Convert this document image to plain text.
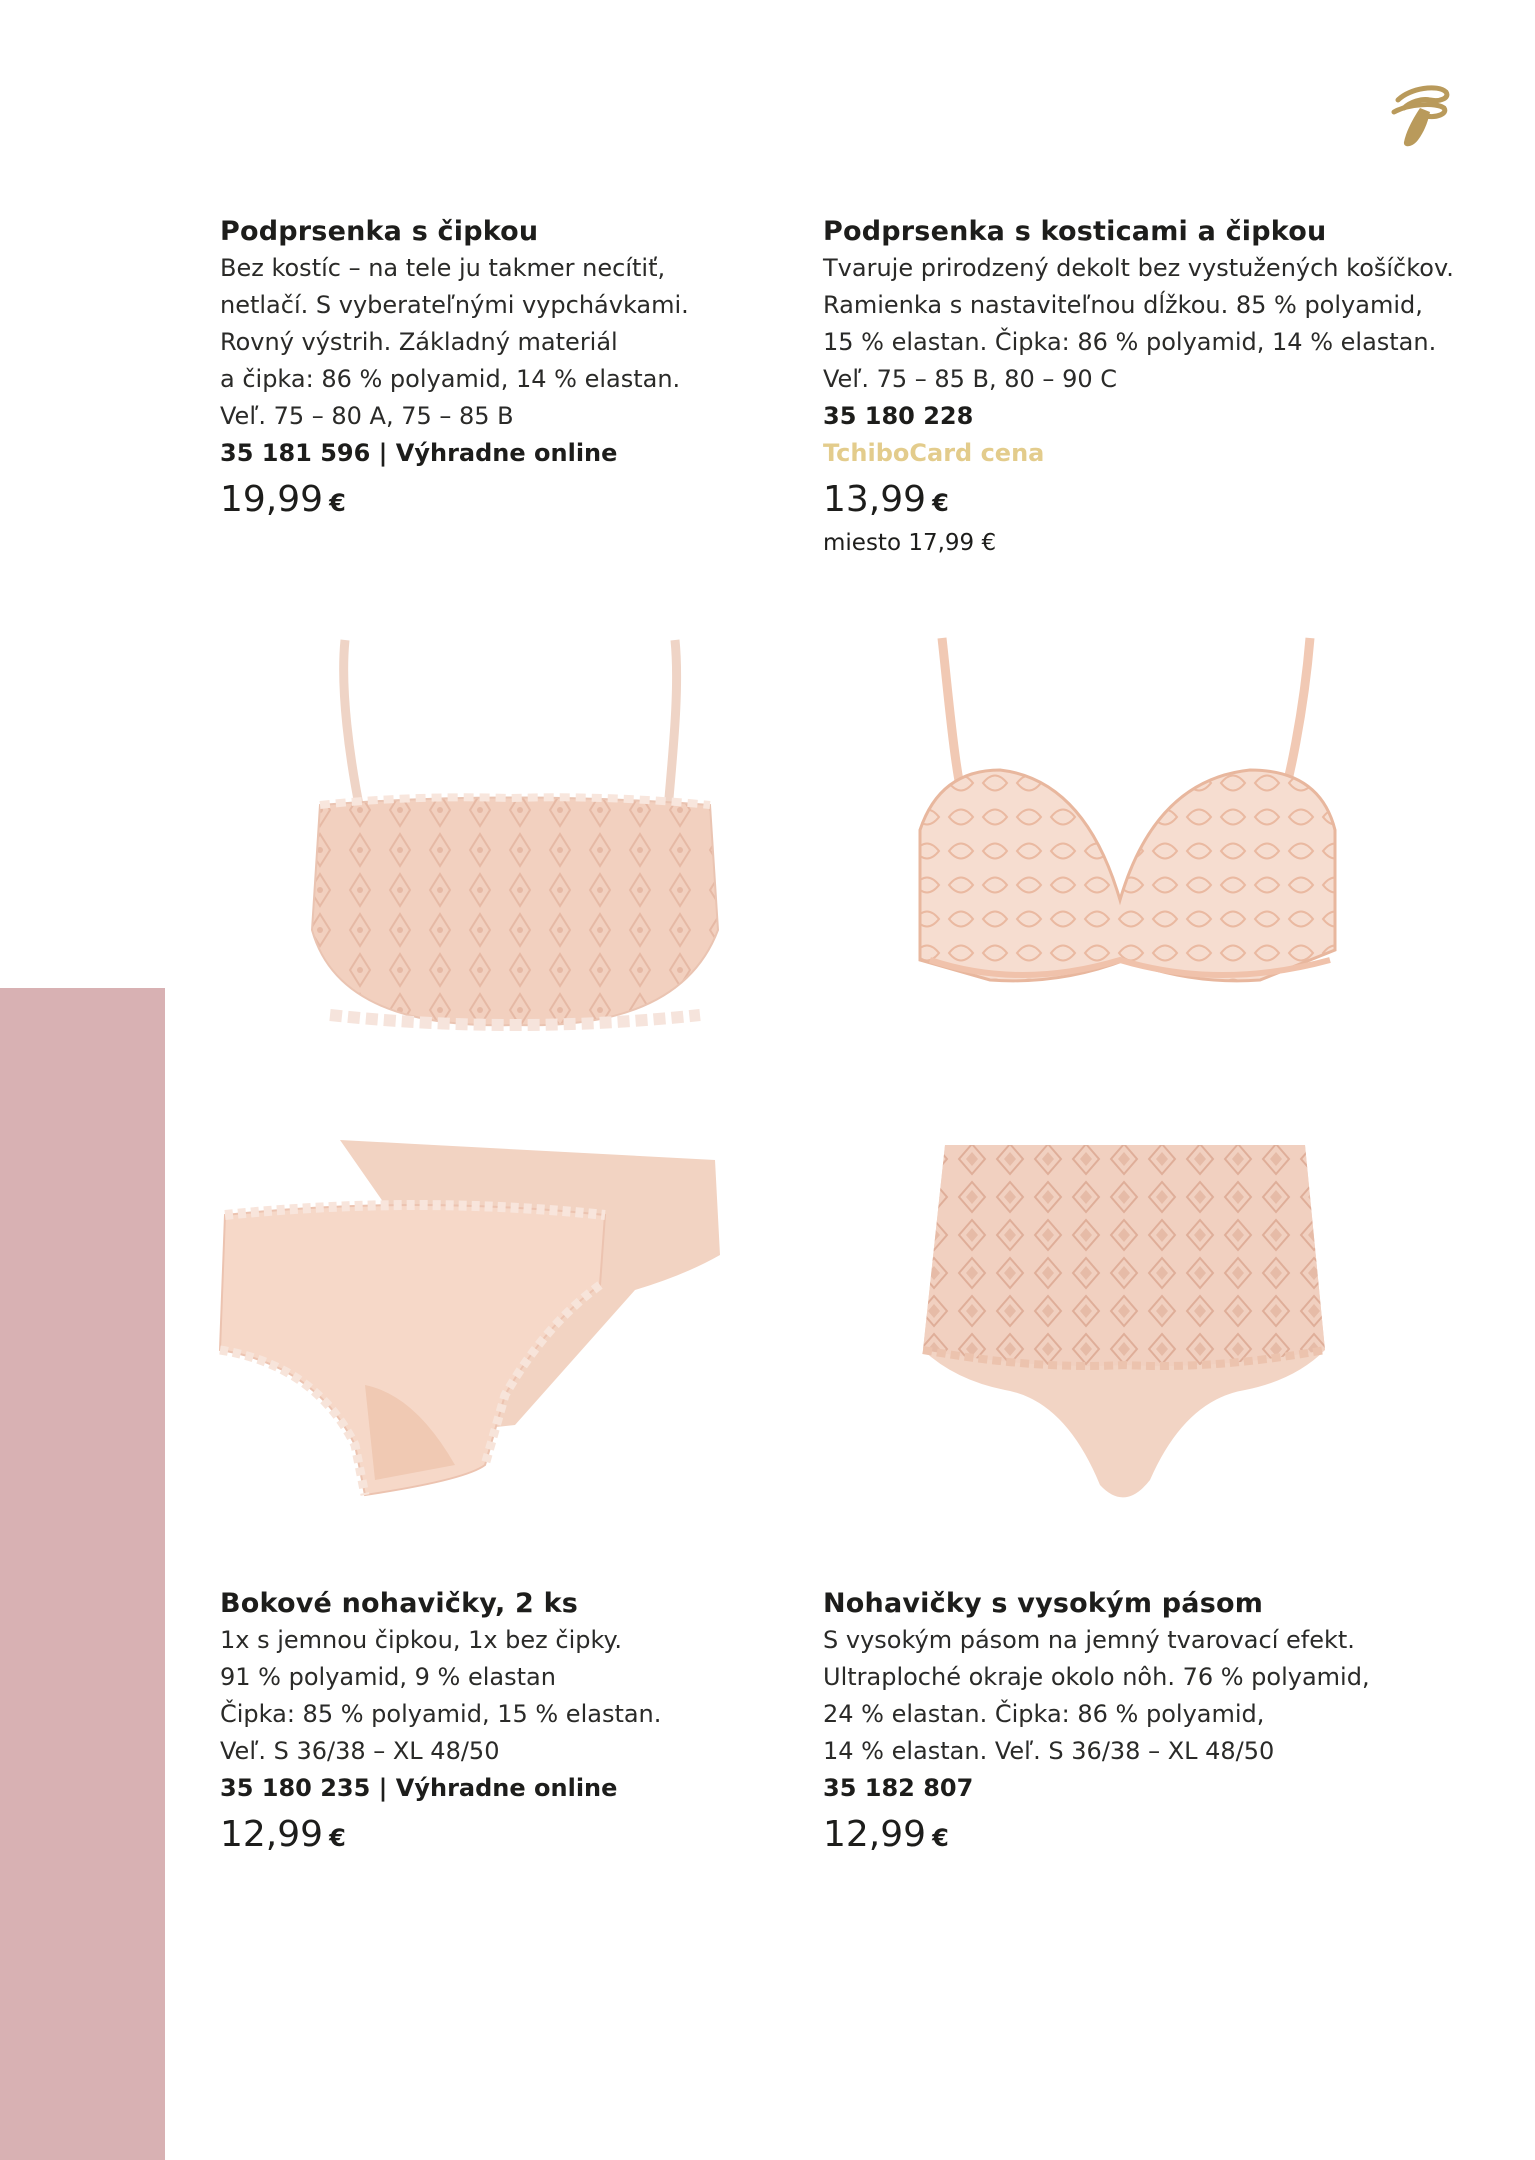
Podprsenka s čipkou

Bez kostíc – na tele ju takmer necítiť,
netlačí. S vyberateľnými vypchávkami.
Rovný výstrih. Základný materiál
a čipka: 86 % polyamid, 14 % elastan.
Veľ. 75 – 80 A, 75 – 85 B
35 181 596 | Výhradne online
19,99 €

Podprsenka s kosticami a čipkou

Tvaruje prirodzený dekolt bez vystužených košíčkov.
Ramienka s nastaviteľnou dĺžkou. 85 % polyamid,
15 % elastan. Čipka: 86 % polyamid, 14 % elastan.
Veľ. 75 – 85 B, 80 – 90 C
35 180 228
TchiboCard cena
13,99 €
miesto 17,99 €

Bokové nohavičky, 2 ks

1x s jemnou čipkou, 1x bez čipky.
91 % polyamid, 9 % elastan
Čipka: 85 % polyamid, 15 % elastan.
Veľ. S 36/38 – XL 48/50
35 180 235 | Výhradne online
12,99 €

Nohavičky s vysokým pásom

S vysokým pásom na jemný tvarovací efekt.
Ultraploché okraje okolo nôh. 76 % polyamid,
24 % elastan. Čipka: 86 % polyamid,
14 % elastan. Veľ. S 36/38 – XL 48/50
35 182 807
12,99 €
